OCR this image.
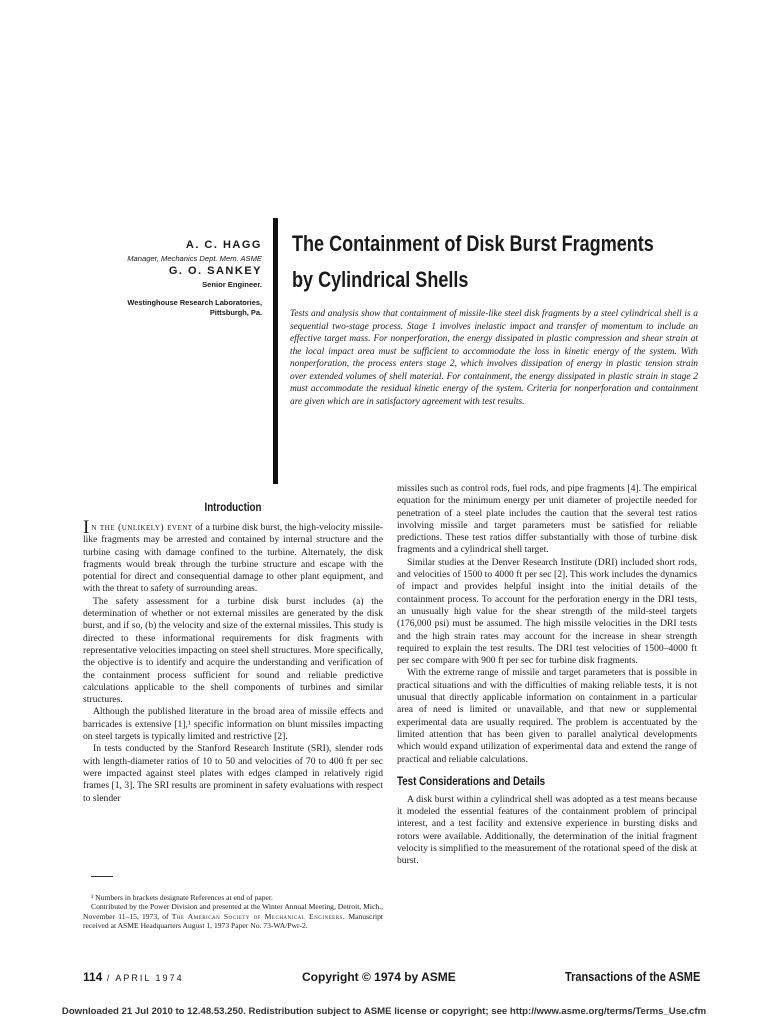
A. C. HAGG
Manager, Mechanics Dept. Mem. ASME
G. O. SANKEY
Senior Engineer.
Westinghouse Research Laboratories,
Pittsburgh, Pa.
The Containment of Disk Burst Fragments
by Cylindrical Shells
Tests and analysis show that containment of missile-like steel disk fragments by a steel cylindrical shell is a sequential two-stage process. Stage 1 involves inelastic impact and transfer of momentum to include an effective target mass. For nonperforation, the energy dissipated in plastic compression and shear strain at the local impact area must be sufficient to accommodate the loss in kinetic energy of the system. With nonperforation, the process enters stage 2, which involves dissipation of energy in plastic tension strain over extended volumes of shell material. For containment, the energy dissipated in plastic strain in stage 2 must accommodate the residual kinetic energy of the system. Criteria for nonperforation and containment are given which are in satisfactory agreement with test results.
Introduction

In the (unlikely) event of a turbine disk burst, the high-velocity missile-like fragments may be arrested and contained by internal structure and the turbine casing with damage confined to the turbine. Alternately, the disk fragments would break through the turbine structure and escape with the potential for direct and consequential damage to other plant equipment, and with the threat to safety of surrounding areas.

The safety assessment for a turbine disk burst includes (a) the determination of whether or not external missiles are generated by the disk burst, and if so, (b) the velocity and size of the external missiles. This study is directed to these informational requirements for disk fragments with representative velocities impacting on steel shell structures. More specifically, the objective is to identify and acquire the understanding and verification of the containment process sufficient for sound and reliable predictive calculations applicable to the shell components of turbines and similar structures.

Although the published literature in the broad area of missile effects and barricades is extensive [1],¹ specific information on blunt missiles impacting on steel targets is typically limited and restrictive [2].

In tests conducted by the Stanford Research Institute (SRI), slender rods with length-diameter ratios of 10 to 50 and velocities of 70 to 400 ft per sec were impacted against steel plates with edges clamped in relatively rigid frames [1, 3]. The SRI results are prominent in safety evaluations with respect to slender

missiles such as control rods, fuel rods, and pipe fragments [4]. The empirical equation for the minimum energy per unit diameter of projectile needed for penetration of a steel plate includes the caution that the several test ratios involving missile and target parameters must be satisfied for reliable predictions. These test ratios differ substantially with those of turbine disk fragments and a cylindrical shell target.

Similar studies at the Denver Research Institute (DRI) included short rods, and velocities of 1500 to 4000 ft per sec [2]. This work includes the dynamics of impact and provides helpful insight into the initial details of the containment process. To account for the perforation energy in the DRI tests, an unusually high value for the shear strength of the mild-steel targets (176,000 psi) must be assumed. The high missile velocities in the DRI tests and the high strain rates may account for the increase in shear strength required to explain the test results. The DRI test velocities of 1500–4000 ft per sec compare with 900 ft per sec for turbine disk fragments.

With the extreme range of missile and target parameters that is possible in practical situations and with the difficulties of making reliable tests, it is not unusual that directly applicable information on containment in a particular area of need is limited or unavailable, and that new or supplemental experimental data are usually required. The problem is accentuated by the limited attention that has been given to parallel analytical developments which would expand utilization of experimental data and extend the range of practical and reliable calculations.

Test Considerations and Details

A disk burst within a cylindrical shell was adopted as a test means because it modeled the essential features of the containment problem of principal interest, and a test facility and extensive experience in bursting disks and rotors were available. Additionally, the determination of the initial fragment velocity is simplified to the measurement of the rotational speed of the disk at burst.

¹ Numbers in brackets designate References at end of paper.

Contributed by the Power Division and presented at the Winter Annual Meeting, Detroit, Mich., November 11–15, 1973, of The American Society of Mechanical Engineers. Manuscript received at ASME Headquarters August 1, 1973 Paper No. 73-WA/Pwr-2.

114 / APRIL 1974	Copyright © 1974 by ASME	Transactions of the ASME
Downloaded 21 Jul 2010 to 12.48.53.250. Redistribution subject to ASME license or copyright; see http://www.asme.org/terms/Terms_Use.cfm
